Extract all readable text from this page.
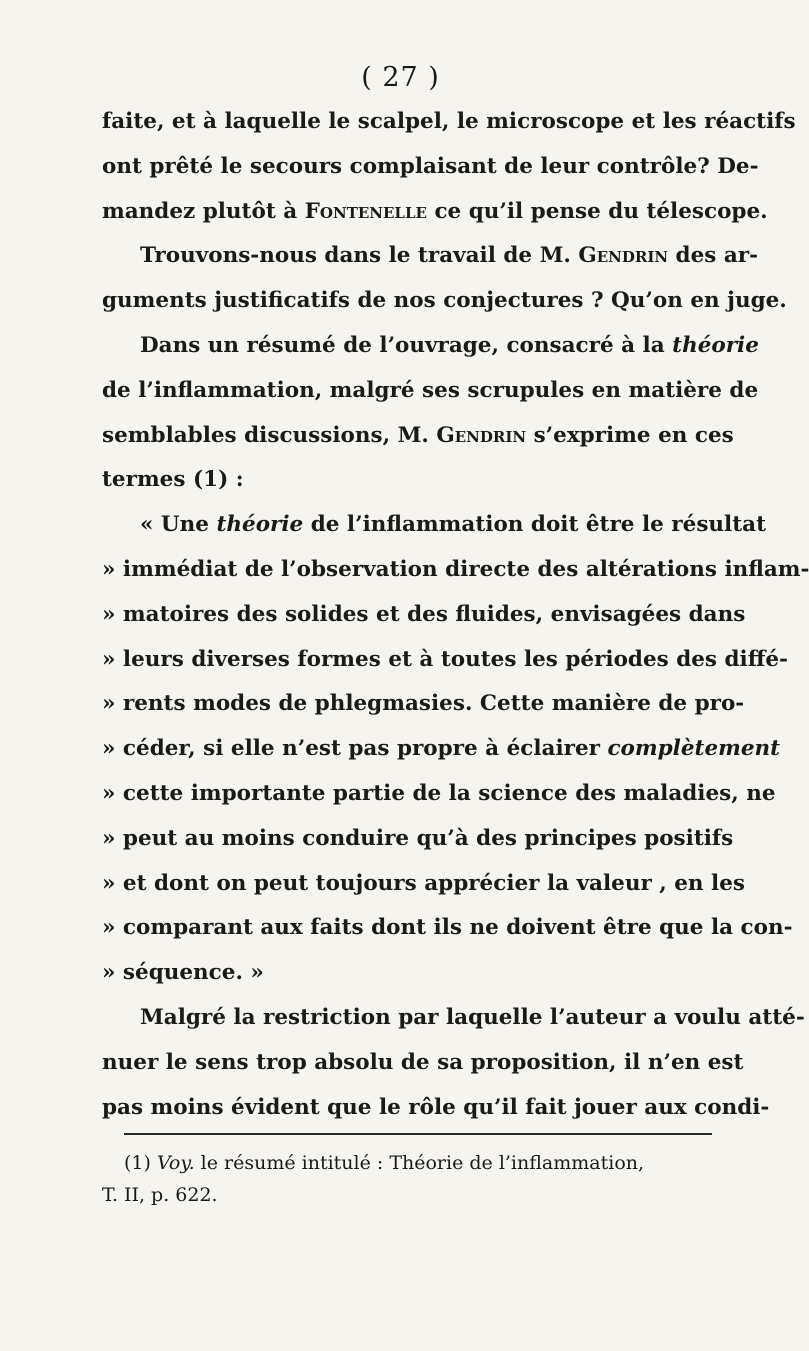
( 27 )
faite, et à laquelle le scalpel, le microscope et les réactifs
ont prêté le secours complaisant de leur contrôle? De-
mandez plutôt à Fontenelle ce qu’il pense du télescope.
Trouvons-nous dans le travail de M. Gendrin des ar-
guments justificatifs de nos conjectures ? Qu’on en juge.
Dans un résumé de l’ouvrage, consacré à la théorie
de l’inflammation, malgré ses scrupules en matière de
semblables discussions, M. Gendrin s’exprime en ces
termes (1) :
« Une théorie de l’inflammation doit être le résultat
» immédiat de l’observation directe des altérations inflam-
» matoires des solides et des fluides, envisagées dans
» leurs diverses formes et à toutes les périodes des diffé-
» rents modes de phlegmasies. Cette manière de pro-
» céder, si elle n’est pas propre à éclairer complètement
» cette importante partie de la science des maladies, ne
» peut au moins conduire qu’à des principes positifs
» et dont on peut toujours apprécier la valeur , en les
» comparant aux faits dont ils ne doivent être que la con-
» séquence. »
Malgré la restriction par laquelle l’auteur a voulu atté-
nuer le sens trop absolu de sa proposition, il n’en est
pas moins évident que le rôle qu’il fait jouer aux condi-
(1) Voy. le résumé intitulé : Théorie de l’inflammation,
T. II, p. 622.
